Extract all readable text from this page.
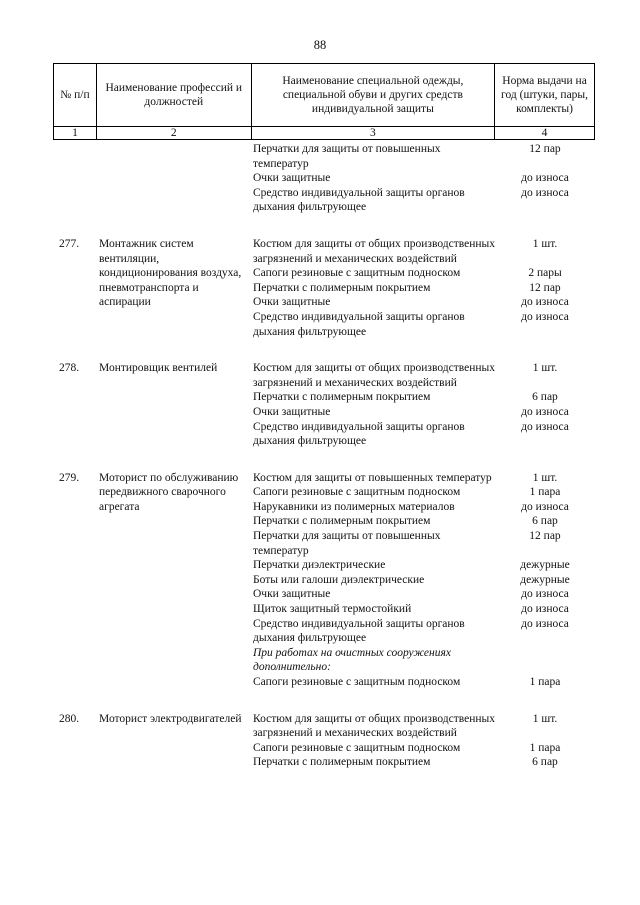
88
№ п/п	Наименование профессий и должностей	Наименование специальной одежды, специальной обуви и других средств индивидуальной защиты	Норма выдачи на год (штуки, пары, комплекты)
1	2	3	4
		Перчатки для защиты от повышенных температур	12 пар
		Очки защитные	до износа
		Средство индивидуальной защиты органов дыхания фильтрующее	до износа

277.	Монтажник систем вентиляции, кондиционирования воздуха, пневмотранспорта и аспирации	Костюм для защиты от общих производственных загрязнений и механических воздействий	1 шт.
		Сапоги резиновые с защитным подноском	2 пары
		Перчатки с полимерным покрытием	12 пар
		Очки защитные	до износа
		Средство индивидуальной защиты органов дыхания фильтрующее	до износа

278.	Монтировщик вентилей	Костюм для защиты от общих производственных загрязнений и механических воздействий	1 шт.
		Перчатки с полимерным покрытием	6 пар
		Очки защитные	до износа
		Средство индивидуальной защиты органов дыхания фильтрующее	до износа

279.	Моторист по обслуживанию передвижного сварочного агрегата	Костюм для защиты от повышенных температур	1 шт.
		Сапоги резиновые с защитным подноском	1 пара
		Нарукавники из полимерных материалов	до износа
		Перчатки с полимерным покрытием	6 пар
		Перчатки для защиты от повышенных температур	12 пар
		Перчатки диэлектрические	дежурные
		Боты или галоши диэлектрические	дежурные
		Очки защитные	до износа
		Щиток защитный термостойкий	до износа
		Средство индивидуальной защиты органов дыхания фильтрующее	до износа
		При работах на очистных сооружениях дополнительно:	
		Сапоги резиновые с защитным подноском	1 пара

280.	Моторист электродвигателей	Костюм для защиты от общих производственных загрязнений и механических воздействий	1 шт.
		Сапоги резиновые с защитным подноском	1 пара
		Перчатки с полимерным покрытием	6 пар
